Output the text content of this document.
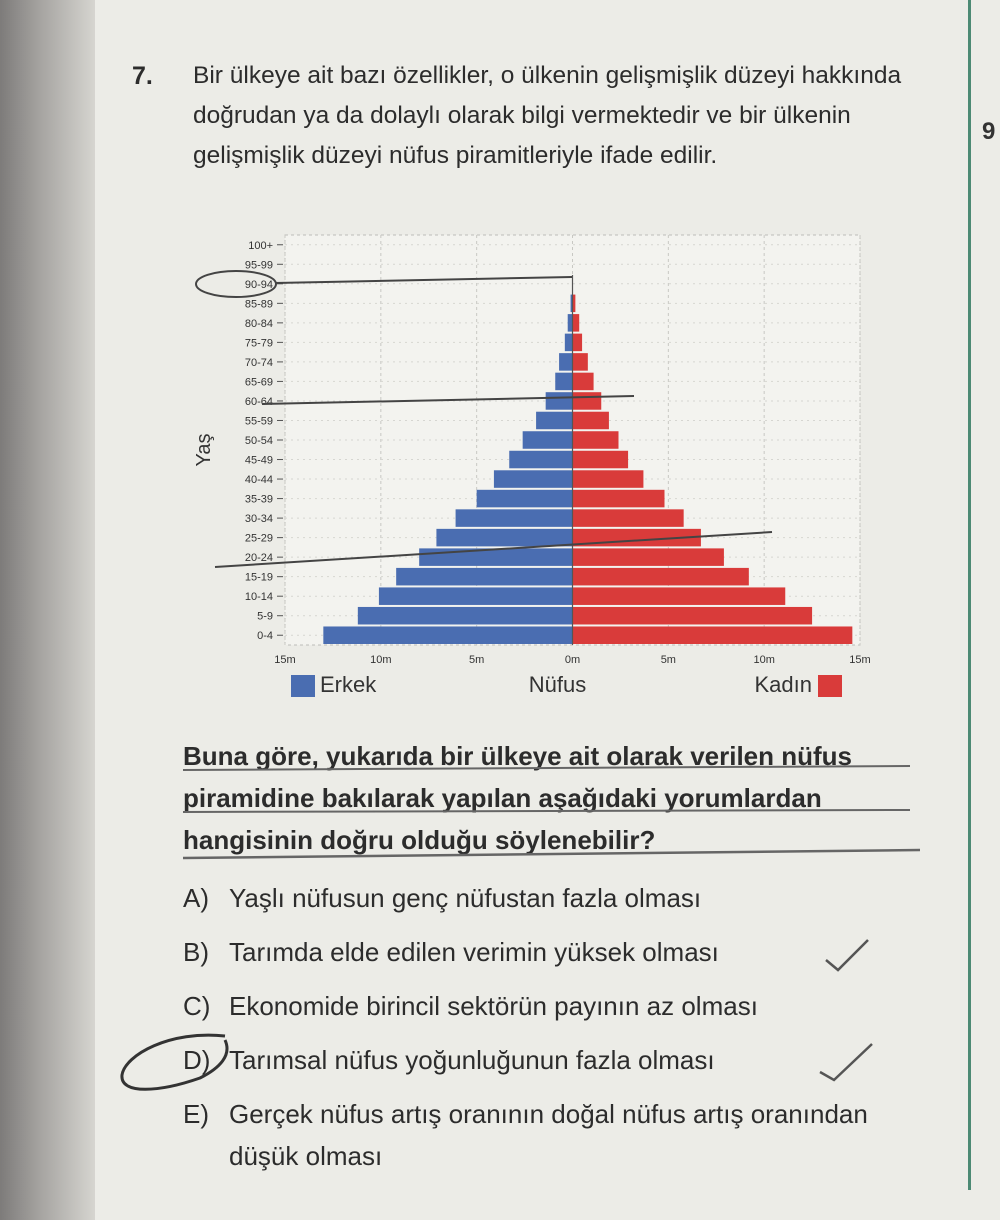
9
7. Bir ülkeye ait bazı özellikler, o ülkenin gelişmişlik düzeyi hakkında doğrudan ya da dolaylı olarak bilgi vermektedir ve bir ülkenin gelişmişlik düzeyi nüfus piramitleriyle ifade edilir.
0-4
5-9
10-14
15-19
20-24
25-29
30-34
35-39
40-44
45-49
50-54
55-59
60-64
65-69
70-74
75-79
80-84
85-89
90-94
95-99
100+
15m	10m	5m	0m	5m	10m	15m
Yaş
Erkek	Nüfus	Kadın
Buna göre, yukarıda bir ülkeye ait olarak verilen nüfus piramidine bakılarak yapılan aşağıdaki yorumlardan hangisinin doğru olduğu söylenebilir?
A) Yaşlı nüfusun genç nüfustan fazla olması
B) Tarımda elde edilen verimin yüksek olması
C) Ekonomide birincil sektörün payının az olması
D) Tarımsal nüfus yoğunluğunun fazla olması
E) Gerçek nüfus artış oranının doğal nüfus artış oranından düşük olması
